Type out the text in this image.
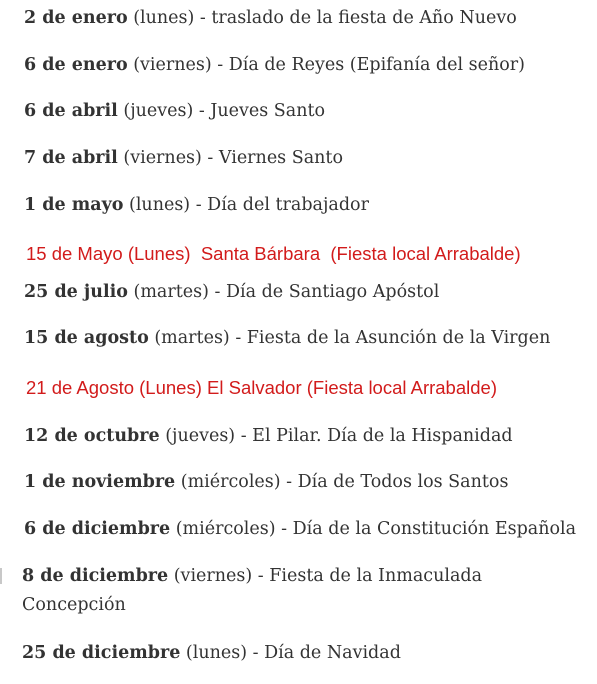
2 de enero (lunes) - traslado de la fiesta de Año Nuevo

6 de enero (viernes) - Día de Reyes (Epifanía del señor)

6 de abril (jueves) - Jueves Santo

7 de abril (viernes) - Viernes Santo

1 de mayo (lunes) - Día del trabajador

15 de Mayo (Lunes)  Santa Bárbara  (Fiesta local Arrabalde)

25 de julio (martes) - Día de Santiago Apóstol

15 de agosto (martes) - Fiesta de la Asunción de la Virgen

21 de Agosto (Lunes) El Salvador (Fiesta local Arrabalde)

12 de octubre (jueves) - El Pilar. Día de la Hispanidad

1 de noviembre (miércoles) - Día de Todos los Santos

6 de diciembre (miércoles) - Día de la Constitución Española

8 de diciembre (viernes) - Fiesta de la Inmaculada Concepción

25 de diciembre (lunes) - Día de Navidad
